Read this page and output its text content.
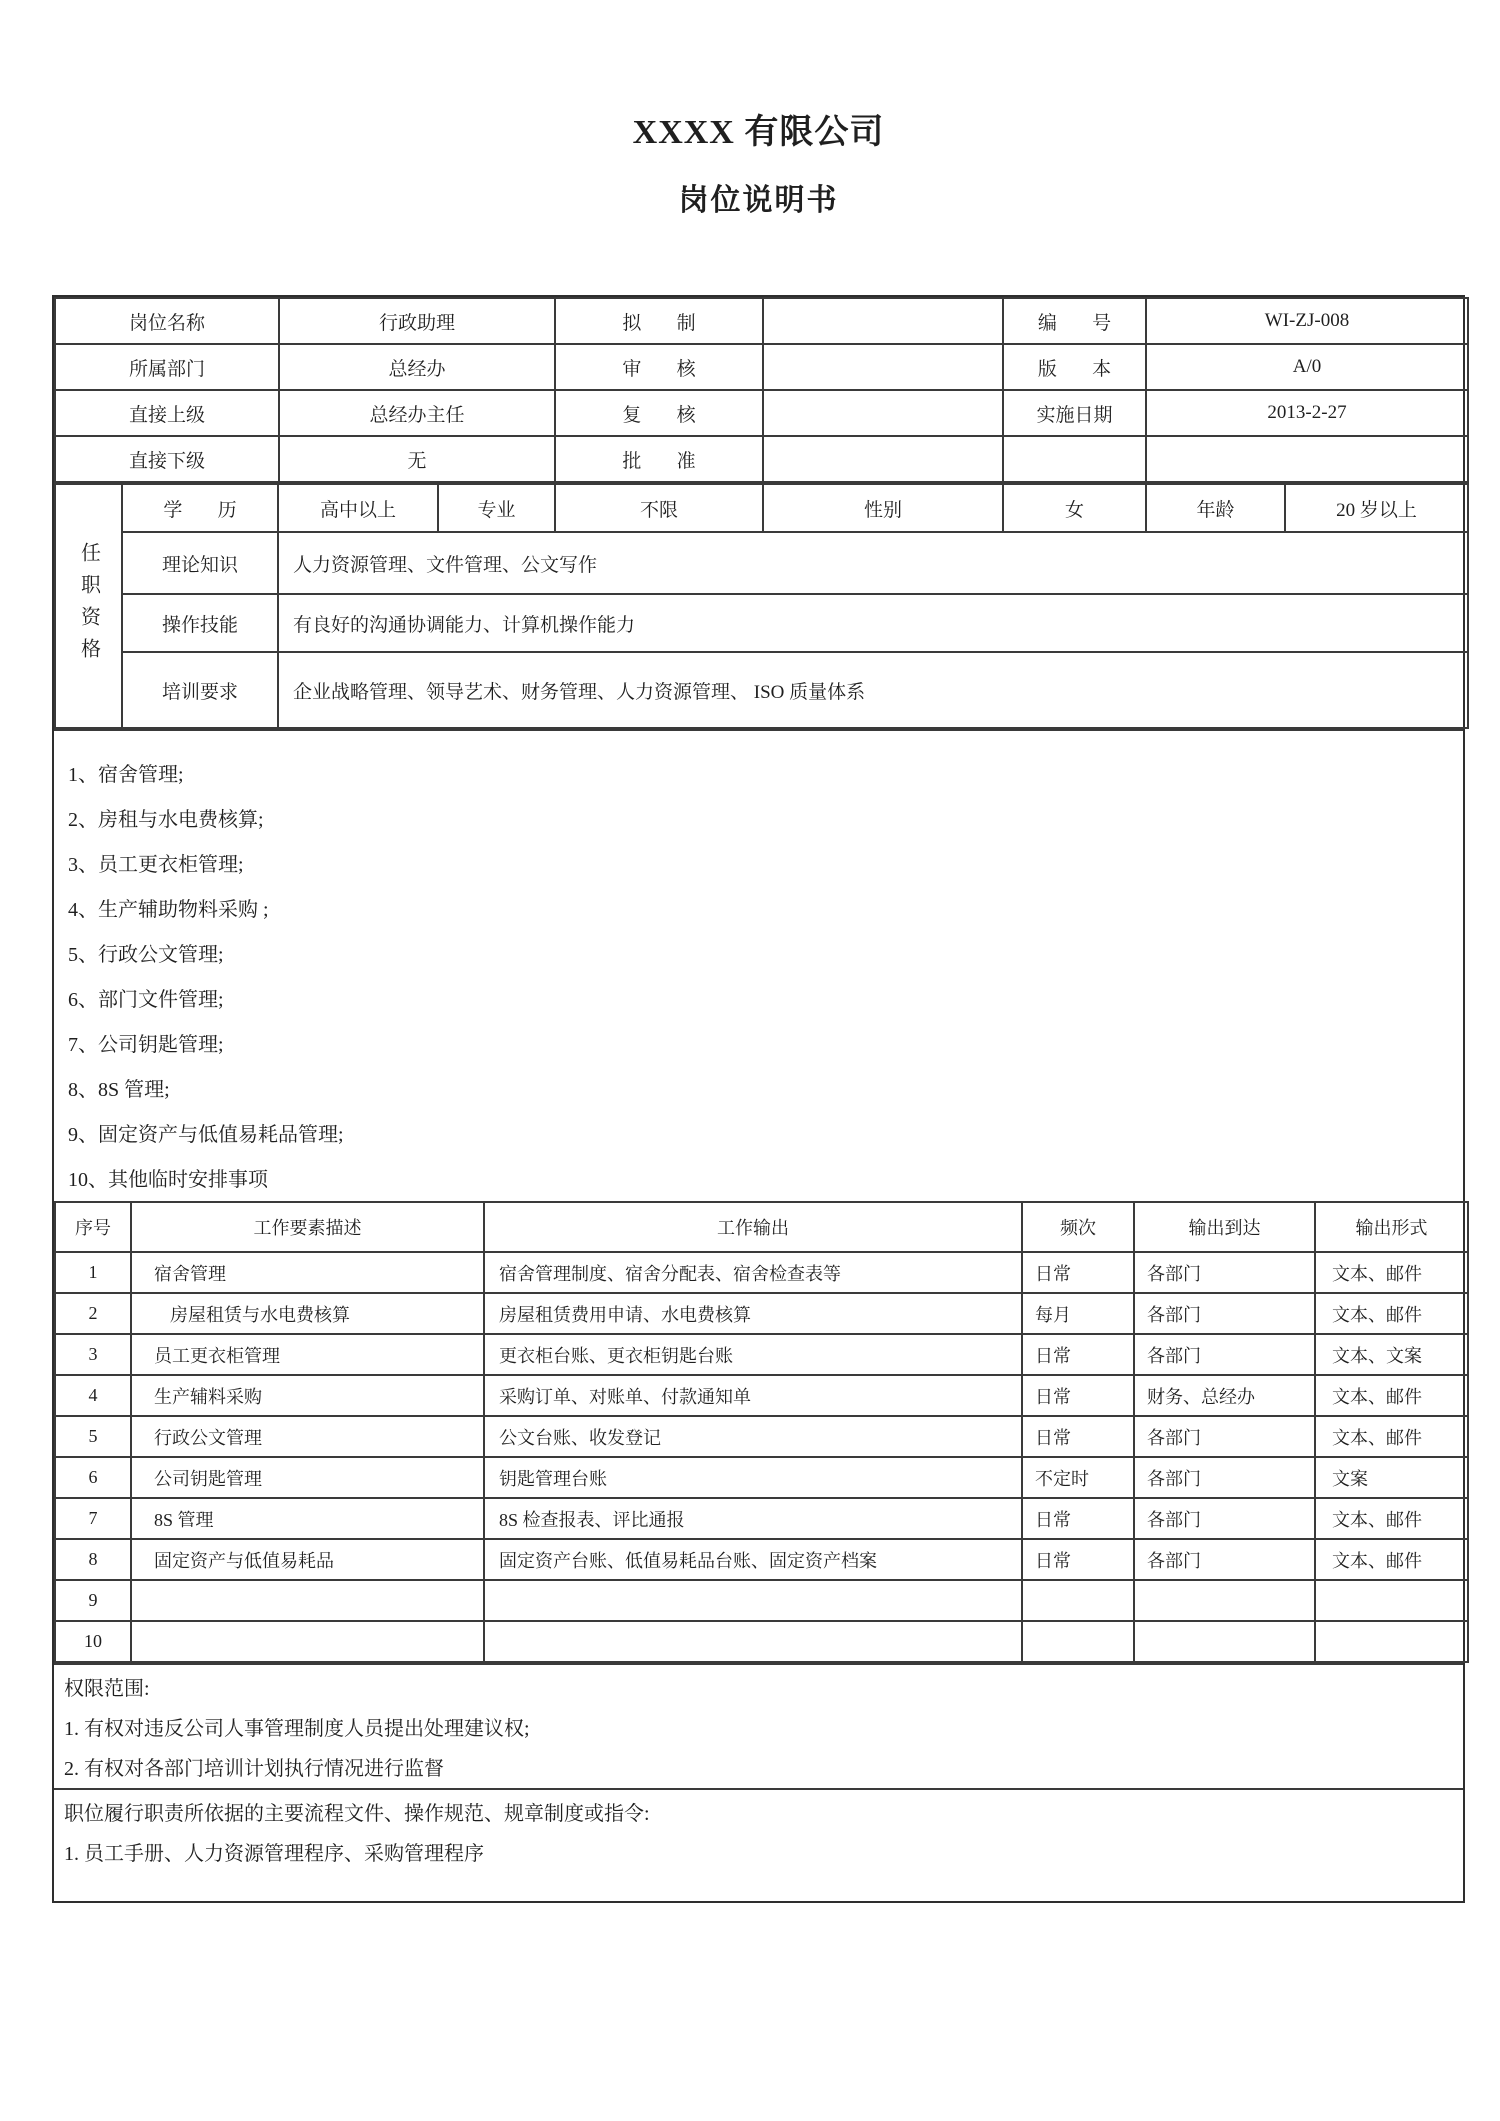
XXXX 有限公司
岗位说明书
岗位名称	行政助理	拟 制		编 号	WI-ZJ-008
所属部门	总经办	审 核		版 本	A/0
直接上级	总经办主任	复 核		实施日期	2013-2-27
直接下级	无	批 准			
任职资格	学 历	高中以上	专业	不限	性别	女	年龄	20 岁以上
	理论知识	人力资源管理、文件管理、公文写作						
	操作技能	有良好的沟通协调能力、计算机操作能力						
	培训要求	企业战略管理、领导艺术、财务管理、人力资源管理、 ISO 质量体系						
1、宿舍管理;
2、房租与水电费核算;
3、员工更衣柜管理;
4、生产辅助物料采购 ;
5、行政公文管理;
6、部门文件管理;
7、公司钥匙管理;
8、8S 管理;
9、固定资产与低值易耗品管理;
10、其他临时安排事项
序号	工作要素描述	工作输出	频次	输出到达	输出形式
1	宿舍管理	宿舍管理制度、宿舍分配表、宿舍检查表等	日常	各部门	文本、邮件
2	房屋租赁与水电费核算	房屋租赁费用申请、水电费核算	每月	各部门	文本、邮件
3	员工更衣柜管理	更衣柜台账、更衣柜钥匙台账	日常	各部门	文本、文案
4	生产辅料采购	采购订单、对账单、付款通知单	日常	财务、总经办	文本、邮件
5	行政公文管理	公文台账、收发登记	日常	各部门	文本、邮件
6	公司钥匙管理	钥匙管理台账	不定时	各部门	文案
7	8S 管理	8S 检查报表、评比通报	日常	各部门	文本、邮件
8	固定资产与低值易耗品	固定资产台账、低值易耗品台账、固定资产档案	日常	各部门	文本、邮件
9					
10					
权限范围:
1. 有权对违反公司人事管理制度人员提出处理建议权;
2. 有权对各部门培训计划执行情况进行监督
职位履行职责所依据的主要流程文件、操作规范、规章制度或指令:
1. 员工手册、人力资源管理程序、采购管理程序
